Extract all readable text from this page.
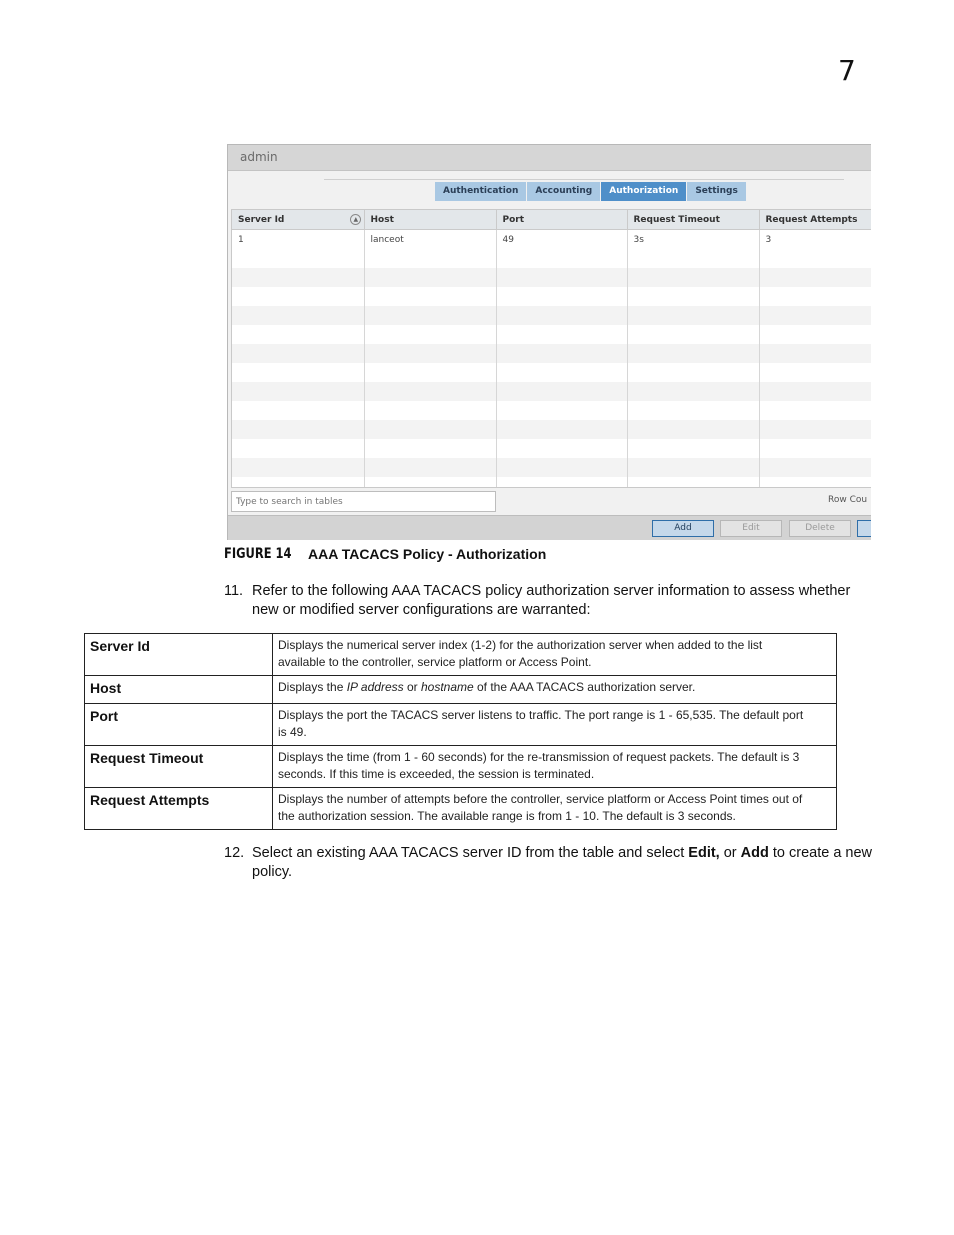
7
admin
Authentication	Accounting	Authorization	Settings
Server Id ▲	Host	Port	Request Timeout	Request Attempts
1	lanceot	49	3s	3

Type to search in tables
Row Cou
Add	Edit	Delete
FIGURE 14 AAA TACACS Policy - Authorization
11. Refer to the following AAA TACACS policy authorization server information to assess whether
new or modified server configurations are warranted:
Server Id	Displays the numerical server index (1-2) for the authorization server when added to the list
available to the controller, service platform or Access Point.
Host	Displays the IP address or hostname of the AAA TACACS authorization server.
Port	Displays the port the TACACS server listens to traffic. The port range is 1 - 65,535. The default port
is 49.
Request Timeout	Displays the time (from 1 - 60 seconds) for the re-transmission of request packets. The default is 3
seconds. If this time is exceeded, the session is terminated.
Request Attempts	Displays the number of attempts before the controller, service platform or Access Point times out of
the authorization session. The available range is from 1 - 10. The default is 3 seconds.
12. Select an existing AAA TACACS server ID from the table and select Edit, or Add to create a new
policy.
